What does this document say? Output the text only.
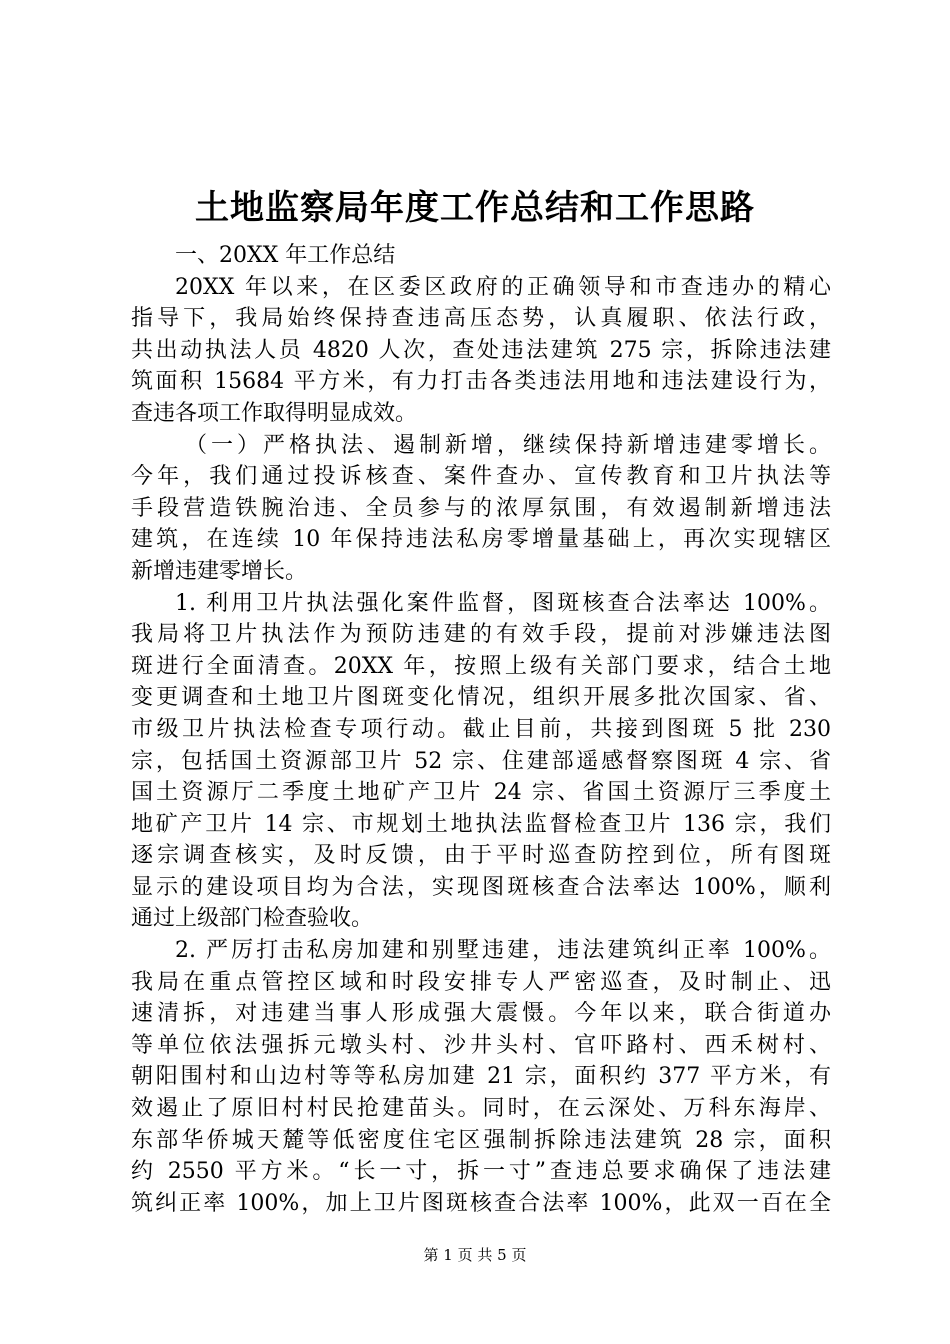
土地监察局年度工作总结和工作思路
一、20XX 年工作总结
20XX 年以来，在区委区政府的正确领导和市查违办的精心
指导下，我局始终保持查违高压态势，认真履职、依法行政，
共出动执法人员 4820 人次，查处违法建筑 275 宗，拆除违法建
筑面积 15684 平方米，有力打击各类违法用地和违法建设行为，
查违各项工作取得明显成效。
（一）严格执法、遏制新增，继续保持新增违建零增长。
今年，我们通过投诉核查、案件查办、宣传教育和卫片执法等
手段营造铁腕治违、全员参与的浓厚氛围，有效遏制新增违法
建筑，在连续 10 年保持违法私房零增量基础上，再次实现辖区
新增违建零增长。
1. 利用卫片执法强化案件监督，图斑核查合法率达 100%。
我局将卫片执法作为预防违建的有效手段，提前对涉嫌违法图
斑进行全面清查。20XX 年，按照上级有关部门要求，结合土地
变更调查和土地卫片图斑变化情况，组织开展多批次国家、省、
市级卫片执法检查专项行动。截止目前，共接到图斑 5 批 230
宗，包括国土资源部卫片 52 宗、住建部遥感督察图斑 4 宗、省
国土资源厅二季度土地矿产卫片 24 宗、省国土资源厅三季度土
地矿产卫片 14 宗、市规划土地执法监督检查卫片 136 宗，我们
逐宗调查核实，及时反馈，由于平时巡查防控到位，所有图斑
显示的建设项目均为合法，实现图斑核查合法率达 100%，顺利
通过上级部门检查验收。
2. 严厉打击私房加建和别墅违建，违法建筑纠正率 100%。
我局在重点管控区域和时段安排专人严密巡查，及时制止、迅
速清拆，对违建当事人形成强大震慑。今年以来，联合街道办
等单位依法强拆元墩头村、沙井头村、官吓路村、西禾树村、
朝阳围村和山边村等等私房加建 21 宗，面积约 377 平方米，有
效遏止了原旧村村民抢建苗头。同时，在云深处、万科东海岸、
东部华侨城天麓等低密度住宅区强制拆除违法建筑 28 宗，面积
约 2550 平方米。“长一寸，拆一寸”查违总要求确保了违法建
筑纠正率 100%，加上卫片图斑核查合法率 100%，此双一百在全
第 1 页 共 5 页
